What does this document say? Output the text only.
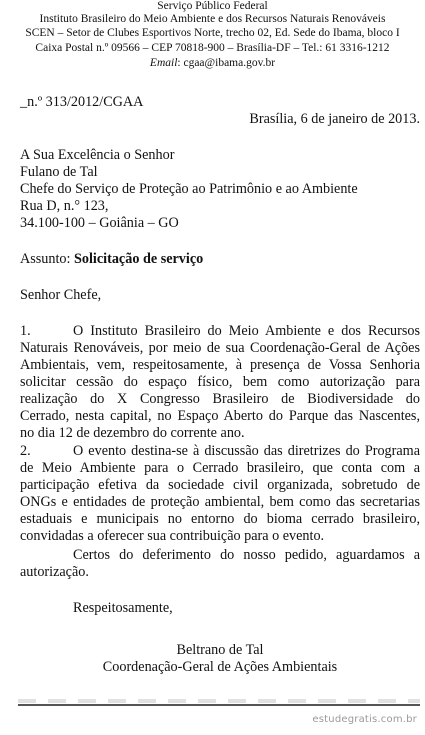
Serviço Público Federal
Instituto Brasileiro do Meio Ambiente e dos Recursos Naturais Renováveis
SCEN – Setor de Clubes Esportivos Norte, trecho 02, Ed. Sede do Ibama, bloco I
Caixa Postal n.º 09566 – CEP 70818-900 – Brasília-DF – Tel.: 61 3316-1212
Email: cgaa@ibama.gov.br
_n.º 313/2012/CGAA
Brasília, 6 de janeiro de 2013.
A Sua Excelência o Senhor
Fulano de Tal
Chefe do Serviço de Proteção ao Patrimônio e ao Ambiente
Rua D, n.° 123,
34.100-100 – Goiânia – GO
Assunto: Solicitação de serviço
Senhor Chefe,
1.	O Instituto Brasileiro do Meio Ambiente e dos Recursos
Naturais Renováveis, por meio de sua Coordenação-Geral de Ações
Ambientais, vem, respeitosamente, à presença de Vossa Senhoria
solicitar cessão do espaço físico, bem como autorização para
realização do X Congresso Brasileiro de Biodiversidade do
Cerrado, nesta capital, no Espaço Aberto do Parque das Nascentes,
no dia 12 de dezembro do corrente ano.
2.	O evento destina-se à discussão das diretrizes do Programa
de Meio Ambiente para o Cerrado brasileiro, que conta com a
participação efetiva da sociedade civil organizada, sobretudo de
ONGs e entidades de proteção ambiental, bem como das secretarias
estaduais e municipais no entorno do bioma cerrado brasileiro,
convidadas a oferecer sua contribuição para o evento.
Certos do deferimento do nosso pedido, aguardamos a
autorização.
Respeitosamente,
Beltrano de Tal
Coordenação-Geral de Ações Ambientais
estudegratis.com.br
